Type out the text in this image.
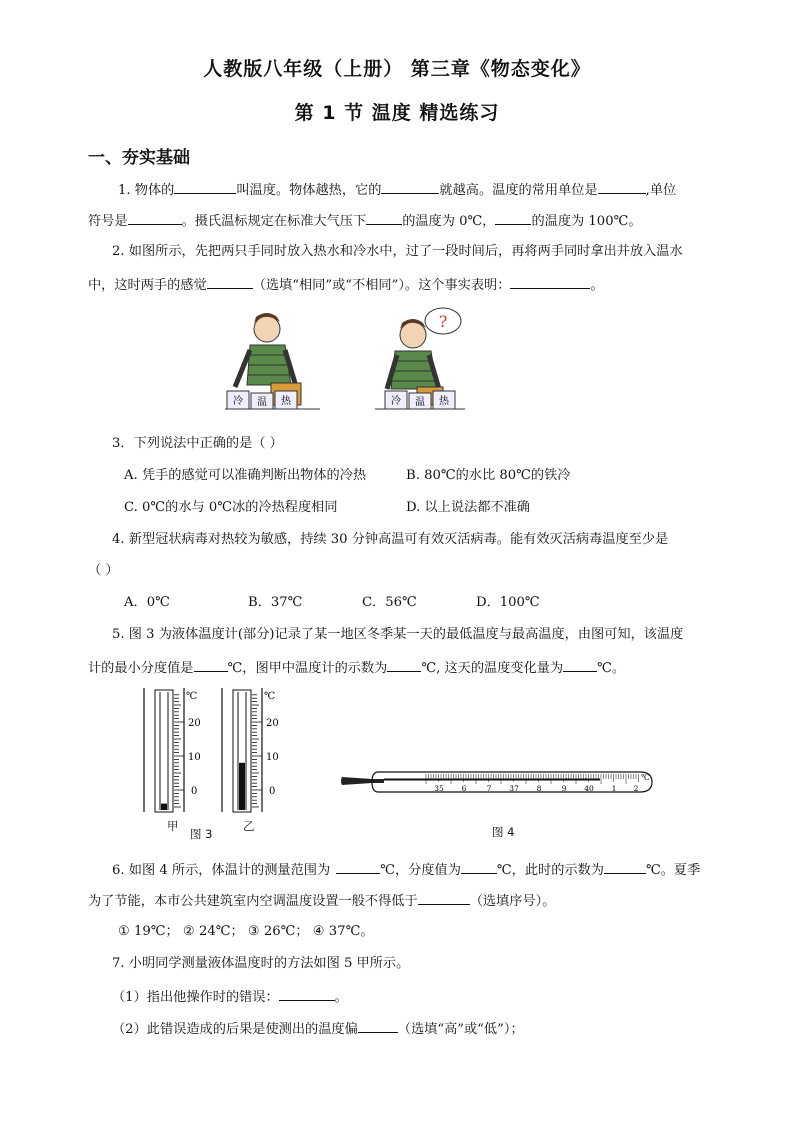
人教版八年级（上册） 第三章《物态变化》
第 1 节 温度 精选练习
一、夯实基础
1. 物体的	叫温度。物体越热，它的	就越高。温度的常用单位是	,单位
符号是	。摄氏温标规定在标准大气压下	的温度为 0℃，	的温度为 100℃。
2. 如图所示，先把两只手同时放入热水和冷水中，过了一段时间后，再将两手同时拿出并放入温水
中，这时两手的感觉	（选填“相同”或“不相同”）。这个事实表明：	。
冷 温 热
?
冷 温 热
3．下列说法中正确的是（ ）
A. 凭手的感觉可以准确判断出物体的冷热	B. 80℃的水比 80℃的铁冷
C. 0℃的水与 0℃冰的冷热程度相同	D. 以上说法都不准确
4. 新型冠状病毒对热较为敏感，持续 30 分钟高温可有效灭活病毒。能有效灭活病毒温度至少是
（ ）
A．0℃	B．37℃	C．56℃	D．100℃
5. 图 3 为液体温度计(部分)记录了某一地区冬季某一天的最低温度与最高温度，由图可知，该温度
计的最小分度值是	℃，图甲中温度计的示数为	℃, 这天的温度变化量为	℃。
℃
20
10
0
℃
20
10
0
甲	乙
图 3
35 6	7 37 8	9 40 1 2
℃
图 4
6. 如图 4 所示，体温计的测量范围为	℃，分度值为	℃，此时的示数为	℃。夏季
为了节能，本市公共建筑室内空调温度设置一般不得低于	（选填序号）。
① 19℃； ② 24℃； ③ 26℃； ④ 37℃。
7. 小明同学测量液体温度时的方法如图 5 甲所示。
（1）指出他操作时的错误：	。
（2）此错误造成的后果是使测出的温度偏	（选填“高”或“低”）；
